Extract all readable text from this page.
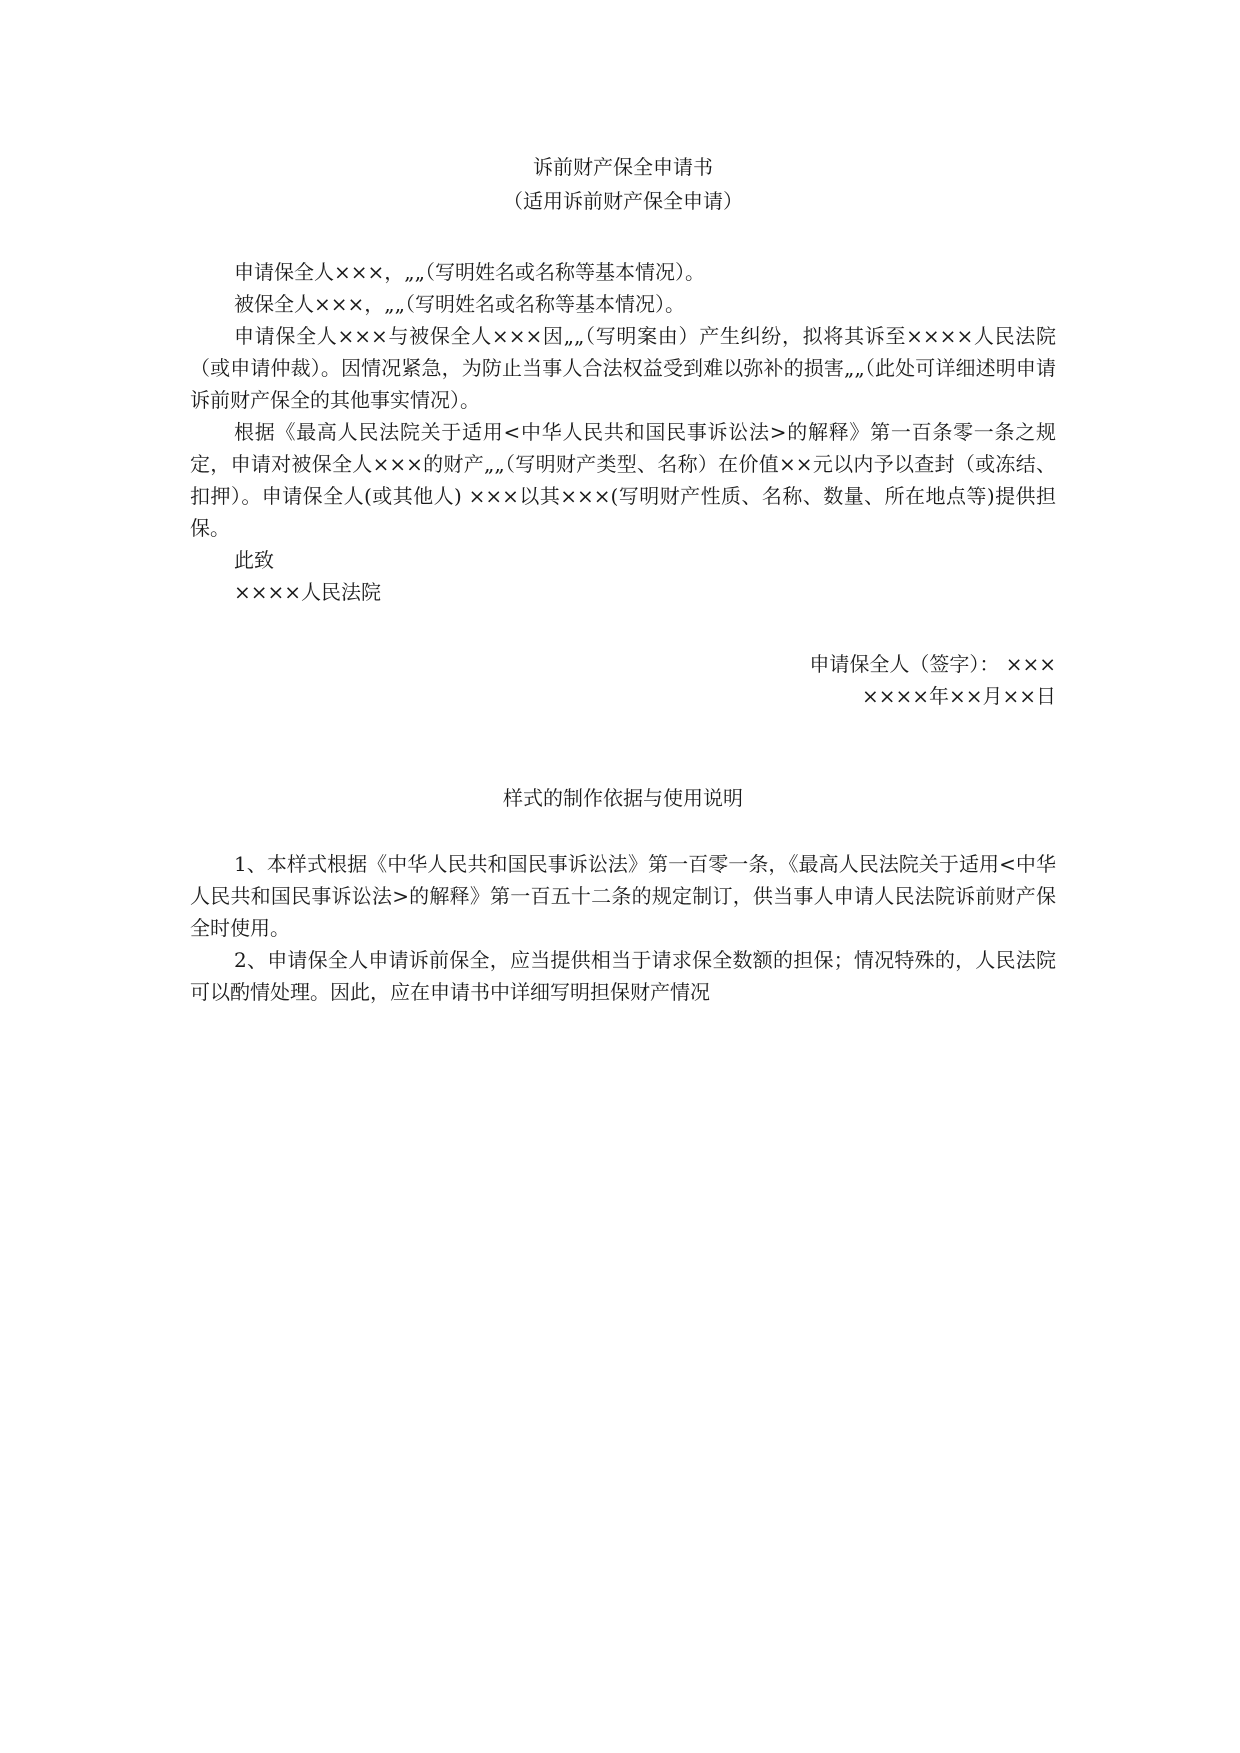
诉前财产保全申请书

（适用诉前财产保全申请）

申请保全人×××，„„（写明姓名或名称等基本情况）。

被保全人×××，„„（写明姓名或名称等基本情况）。

申请保全人×××与被保全人×××因„„（写明案由）产生纠纷，拟将其诉至××××人民法院（或申请仲裁）。因情况紧急，为防止当事人合法权益受到难以弥补的损害„„（此处可详细述明申请诉前财产保全的其他事实情况）。

根据《最高人民法院关于适用<中华人民共和国民事诉讼法>的解释》第一百条零一条之规定，申请对被保全人×××的财产„„（写明财产类型、名称）在价值××元以内予以查封（或冻结、扣押）。申请保全人(或其他人) ×××以其×××(写明财产性质、名称、数量、所在地点等)提供担保。

此致

××××人民法院

申请保全人（签字）： ×××
××××年××月××日

样式的制作依据与使用说明

1、本样式根据《中华人民共和国民事诉讼法》第一百零一条，《最高人民法院关于适用<中华人民共和国民事诉讼法>的解释》第一百五十二条的规定制订，供当事人申请人民法院诉前财产保全时使用。

2、申请保全人申请诉前保全，应当提供相当于请求保全数额的担保；情况特殊的，人民法院可以酌情处理。因此，应在申请书中详细写明担保财产情况
